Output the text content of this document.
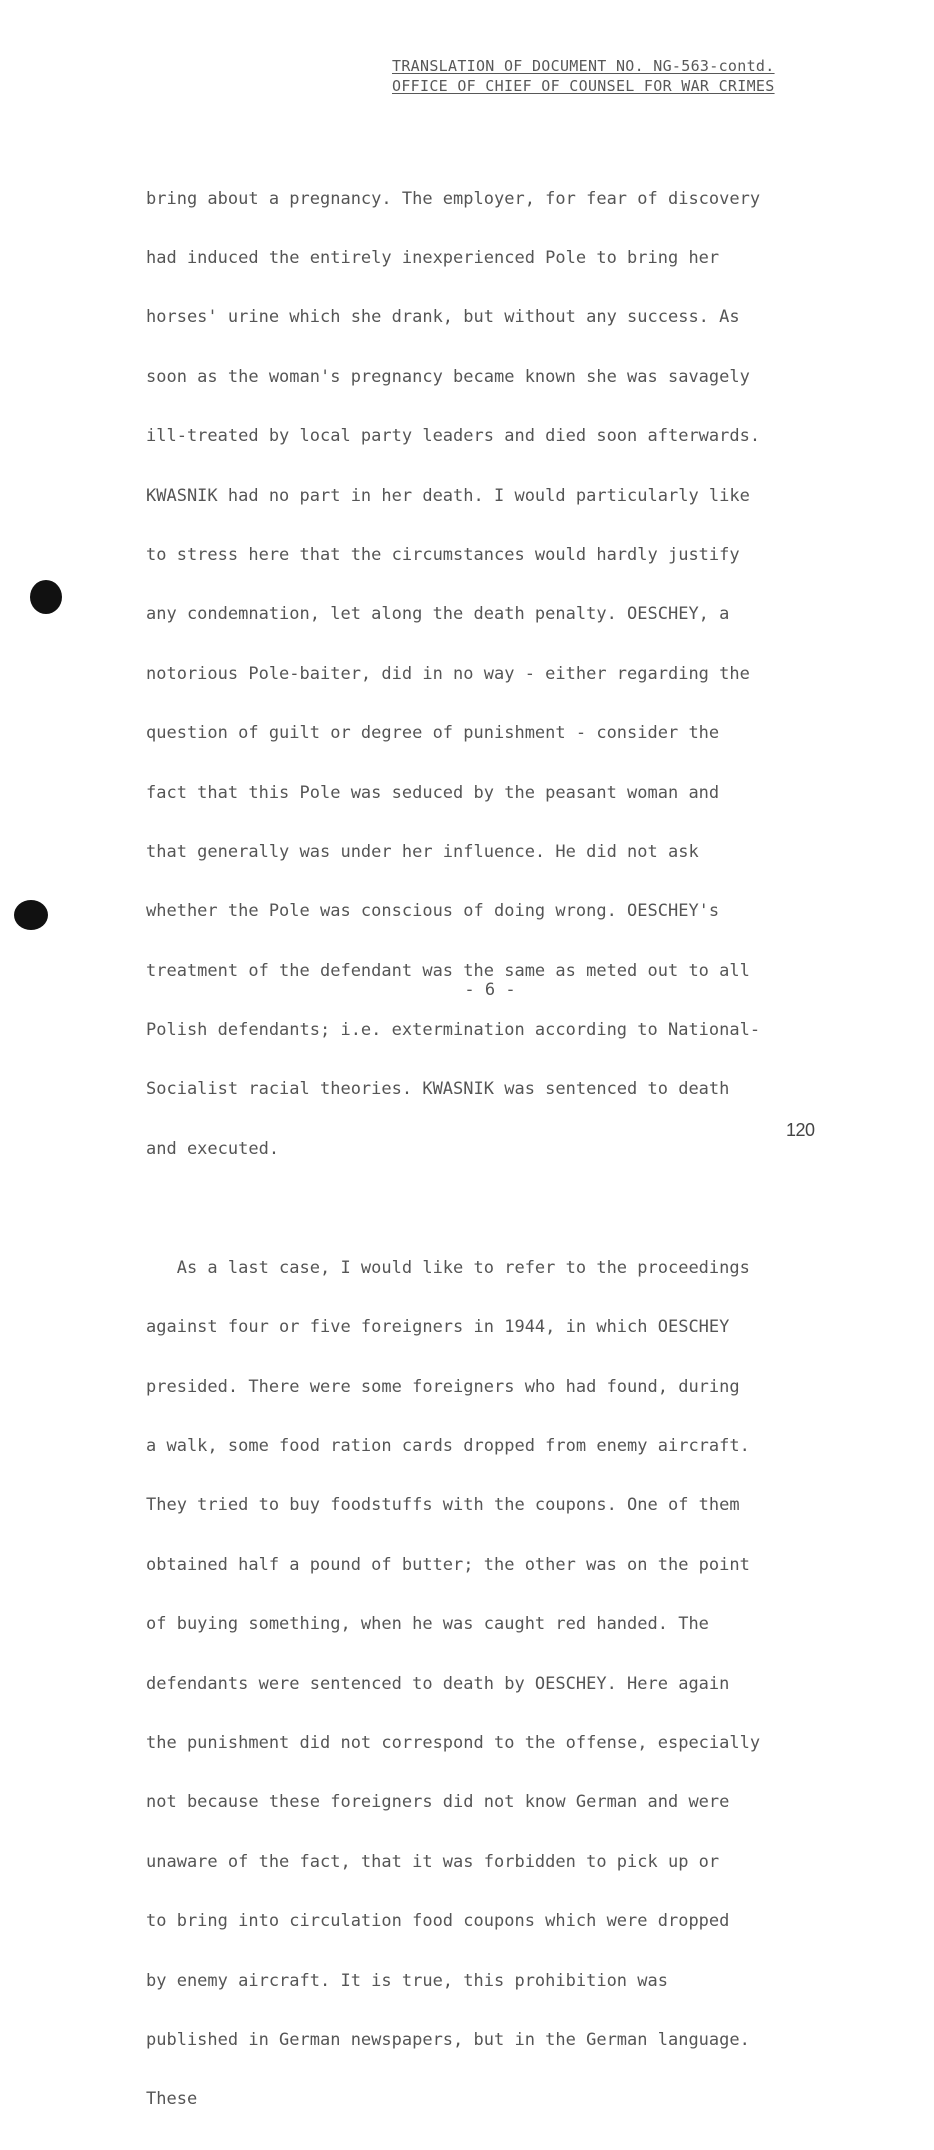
TRANSLATION OF DOCUMENT NO. NG-563-contd.
OFFICE OF CHIEF OF COUNSEL FOR WAR CRIMES

bring about a pregnancy. The employer, for fear of discovery

had induced the entirely inexperienced Pole to bring her

horses' urine which she drank, but without any success. As

soon as the woman's pregnancy became known she was savagely

ill-treated by local party leaders and died soon afterwards.

KWASNIK had no part in her death. I would particularly like

to stress here that the circumstances would hardly justify

any condemnation, let along the death penalty. OESCHEY, a

notorious Pole-baiter, did in no way - either regarding the

question of guilt or degree of punishment - consider the

fact that this Pole was seduced by the peasant woman and

that generally was under her influence. He did not ask

whether the Pole was conscious of doing wrong. OESCHEY's

treatment of the defendant was the same as meted out to all

Polish defendants; i.e. extermination according to National-

Socialist racial theories. KWASNIK was sentenced to death

and executed.

As a last case, I would like to refer to the proceedings

against four or five foreigners in 1944, in which OESCHEY

presided. There were some foreigners who had found, during

a walk, some food ration cards dropped from enemy aircraft.

They tried to buy foodstuffs with the coupons. One of them

obtained half a pound of butter; the other was on the point

of buying something, when he was caught red handed. The

defendants were sentenced to death by OESCHEY. Here again

the punishment did not correspond to the offense, especially

not because these foreigners did not know German and were

unaware of the fact, that it was forbidden to pick up or

to bring into circulation food coupons which were dropped

by enemy aircraft. It is true, this prohibition was

published in German newspapers, but in the German language.

These

- 6 -
120
